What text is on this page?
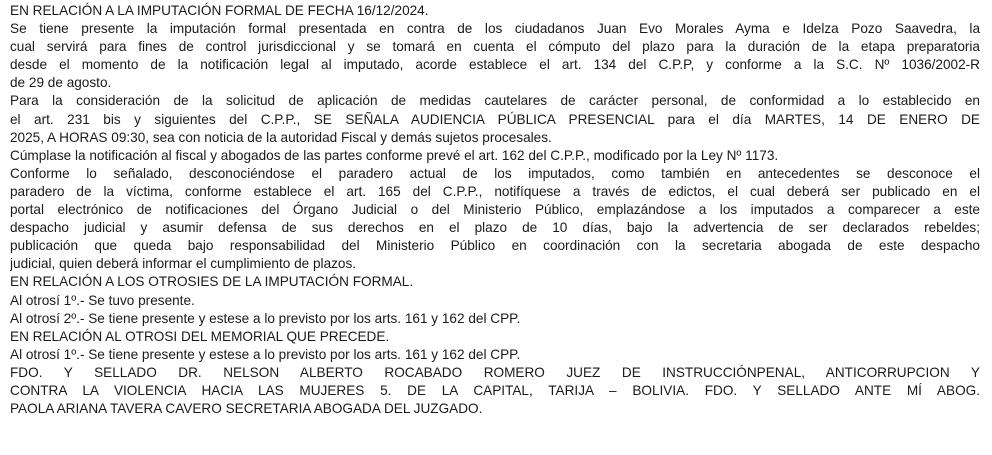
EN RELACIÓN A LA IMPUTACIÓN FORMAL DE FECHA 16/12/2024.
Se tiene presente la imputación formal presentada en contra de los ciudadanos Juan Evo Morales Ayma e Idelza Pozo Saavedra, la
cual servirá para fines de control jurisdiccional y se tomará en cuenta el cómputo del plazo para la duración de la etapa preparatoria
desde el momento de la notificación legal al imputado, acorde establece el art. 134 del C.P.P, y conforme a la S.C. Nº 1036/2002-R
de 29 de agosto.
Para la consideración de la solicitud de aplicación de medidas cautelares de carácter personal, de conformidad a lo establecido en
el art. 231 bis y siguientes del C.P.P., SE SEÑALA AUDIENCIA PÚBLICA PRESENCIAL para el día MARTES, 14 DE ENERO DE
2025, A HORAS 09:30, sea con noticia de la autoridad Fiscal y demás sujetos procesales.
Cúmplase la notificación al fiscal y abogados de las partes conforme prevé el art. 162 del C.P.P., modificado por la Ley Nº 1173.
Conforme lo señalado, desconociéndose el paradero actual de los imputados, como también en antecedentes se desconoce el
paradero de la víctima, conforme establece el art. 165 del C.P.P., notifíquese a través de edictos, el cual deberá ser publicado en el
portal electrónico de notificaciones del Órgano Judicial o del Ministerio Público, emplazándose a los imputados a comparecer a este
despacho judicial y asumir defensa de sus derechos en el plazo de 10 días, bajo la advertencia de ser declarados rebeldes;
publicación que queda bajo responsabilidad del Ministerio Público en coordinación con la secretaria abogada de este despacho
judicial, quien deberá informar el cumplimiento de plazos.
EN RELACIÓN A LOS OTROSIES DE LA IMPUTACIÓN FORMAL.
Al otrosí 1º.- Se tuvo presente.
Al otrosí 2º.- Se tiene presente y estese a lo previsto por los arts. 161 y 162 del CPP.
EN RELACIÓN AL OTROSI DEL MEMORIAL QUE PRECEDE.
Al otrosí 1º.- Se tiene presente y estese a lo previsto por los arts. 161 y 162 del CPP.
FDO. Y SELLADO DR. NELSON ALBERTO ROCABADO ROMERO JUEZ DE INSTRUCCIÓNPENAL, ANTICORRUPCION Y
CONTRA LA VIOLENCIA HACIA LAS MUJERES 5. DE LA CAPITAL, TARIJA – BOLIVIA. FDO. Y SELLADO ANTE MÍ ABOG.
PAOLA ARIANA TAVERA CAVERO SECRETARIA ABOGADA DEL JUZGADO.
